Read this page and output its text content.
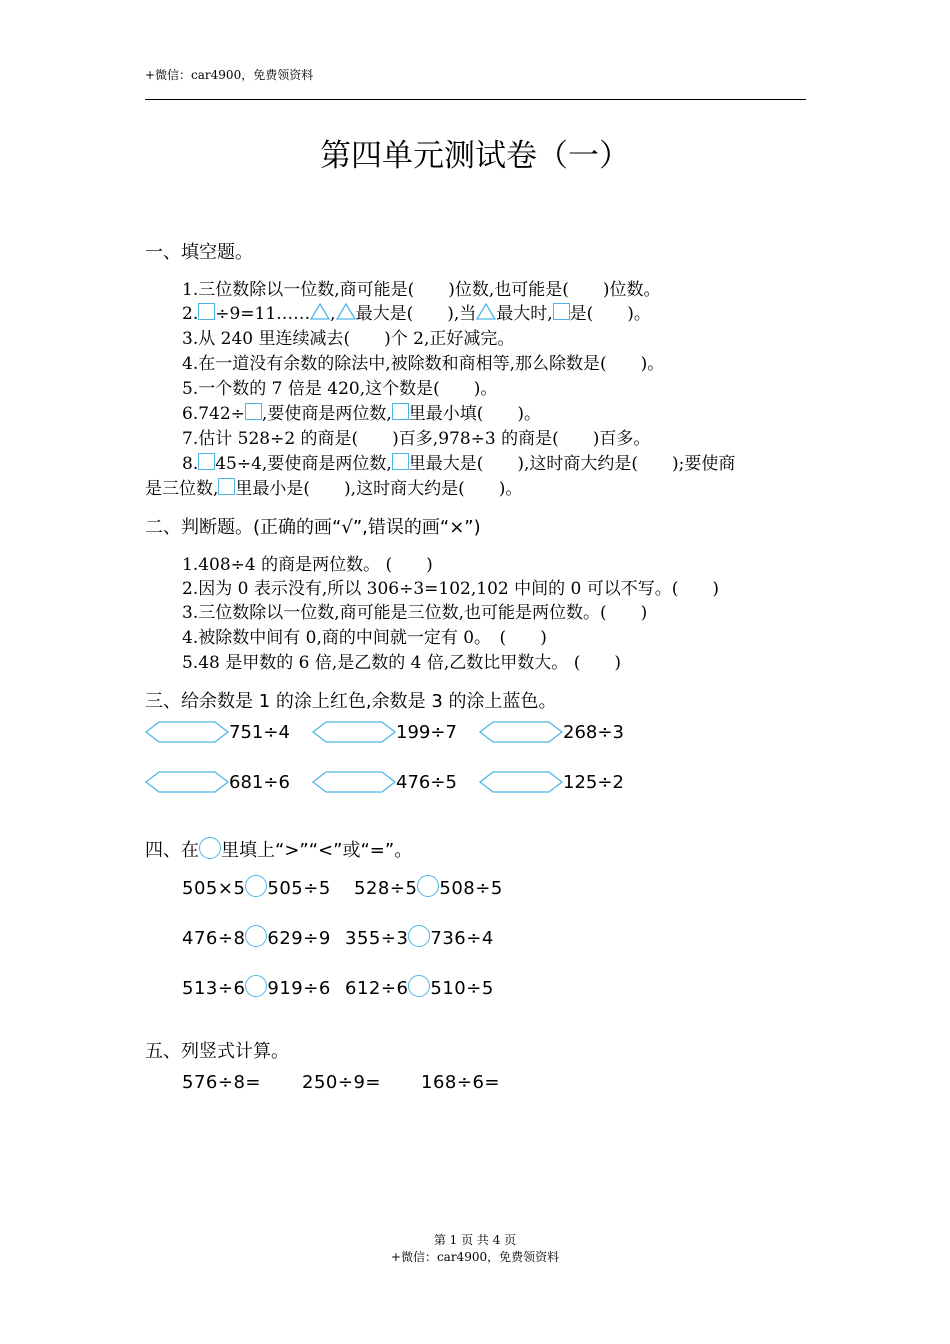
+微信：car4900，免费领资料
第四单元测试卷（一）
一、填空题。
1.三位数除以一位数,商可能是(　　)位数,也可能是(　　)位数。
2. ÷9=11…… , 最大是(　　),当 最大时, 是(　　)。
3.从 240 里连续减去(　　)个 2,正好减完。
4.在一道没有余数的除法中,被除数和商相等,那么除数是(　　)。
5.一个数的 7 倍是 420,这个数是(　　)。
6.742÷ ,要使商是两位数, 里最小填(　　)。
7.估计 528÷2 的商是(　　)百多,978÷3 的商是(　　)百多。
8. 45÷4,要使商是两位数, 里最大是(　　),这时商大约是(　　);要使商
是三位数, 里最小是(　　),这时商大约是(　　)。
二、判断题。(正确的画“√”,错误的画“×”)
1.408÷4 的商是两位数。 (　　)
2.因为 0 表示没有,所以 306÷3=102,102 中间的 0 可以不写。(　　)
3.三位数除以一位数,商可能是三位数,也可能是两位数。(　　)
4.被除数中间有 0,商的中间就一定有 0。　(　　)
5.48 是甲数的 6 倍,是乙数的 4 倍,乙数比甲数大。 (　　)
三、给余数是 1 的涂上红色,余数是 3 的涂上蓝色。
751÷4	199÷7	268÷3
681÷6	476÷5	125÷2
四、在 里填上“>”“<”或“=”。
505×5 505÷5 528÷5 508÷5
476÷8 629÷9 355÷3 736÷4
513÷6 919÷6 612÷6 510÷5
五、列竖式计算。
576÷8= 250÷9= 168÷6=
第 1 页 共 4 页
+微信：car4900，免费领资料
